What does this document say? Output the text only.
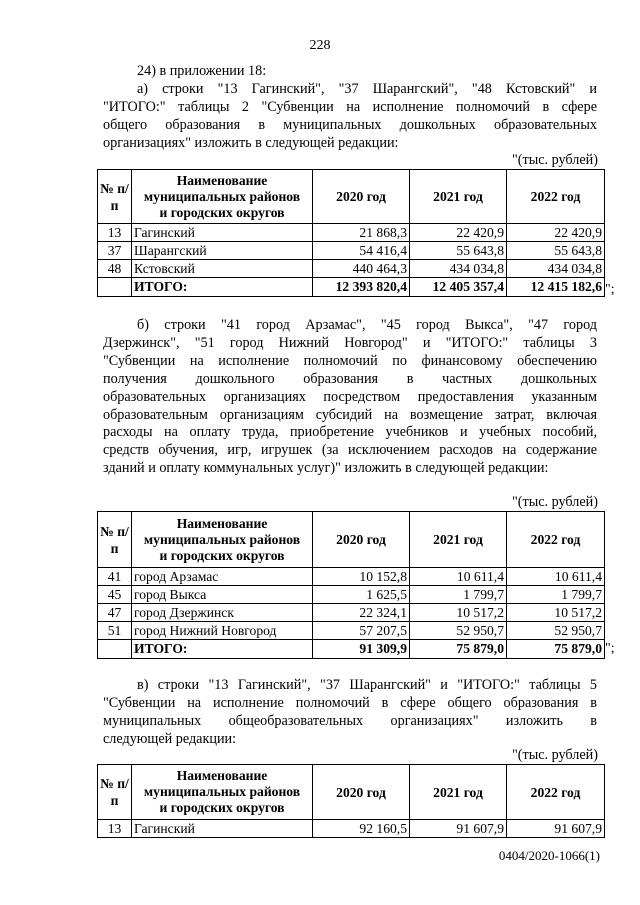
228

24) в приложении 18:

а) строки "13 Гагинский", "37 Шарангский", "48 Кстовский" и
"ИТОГО:" таблицы 2 "Субвенции на исполнение полномочий в сфере
общего образования в муниципальных дошкольных образовательных
организациях" изложить в следующей редакции:

"(тыс. рублей)
№ п/п	Наименование
муниципальных районов
и городских округов	2020 год	2021 год	2022 год
13	Гагинский	21 868,3	22 420,9	22 420,9
37	Шарангский	54 416,4	55 643,8	55 643,8
48	Кстовский	440 464,3	434 034,8	434 034,8
	ИТОГО:	12 393 820,4	12 405 357,4	12 415 182,6 ";

б) строки "41 город Арзамас", "45 город Выкса", "47 город
Дзержинск", "51 город Нижний Новгород" и "ИТОГО:" таблицы 3
"Субвенции на исполнение полномочий по финансовому обеспечению
получения дошкольного образования в частных дошкольных
образовательных организациях посредством предоставления указанным
образовательным организациям субсидий на возмещение затрат, включая
расходы на оплату труда, приобретение учебников и учебных пособий,
средств обучения, игр, игрушек (за исключением расходов на содержание
зданий и оплату коммунальных услуг)" изложить в следующей редакции:

"(тыс. рублей)
№ п/п	Наименование
муниципальных районов
и городских округов	2020 год	2021 год	2022 год
41	город Арзамас	10 152,8	10 611,4	10 611,4
45	город Выкса	1 625,5	1 799,7	1 799,7
47	город Дзержинск	22 324,1	10 517,2	10 517,2
51	город Нижний Новгород	57 207,5	52 950,7	52 950,7
	ИТОГО:	91 309,9	75 879,0	75 879,0 ";

в) строки "13 Гагинский", "37 Шарангский" и "ИТОГО:" таблицы 5
"Субвенции на исполнение полномочий в сфере общего образования в
муниципальных общеобразовательных организациях" изложить в
следующей редакции:

"(тыс. рублей)
№ п/п	Наименование
муниципальных районов
и городских округов	2020 год	2021 год	2022 год
13	Гагинский	92 160,5	91 607,9	91 607,9
0404/2020-1066(1)
